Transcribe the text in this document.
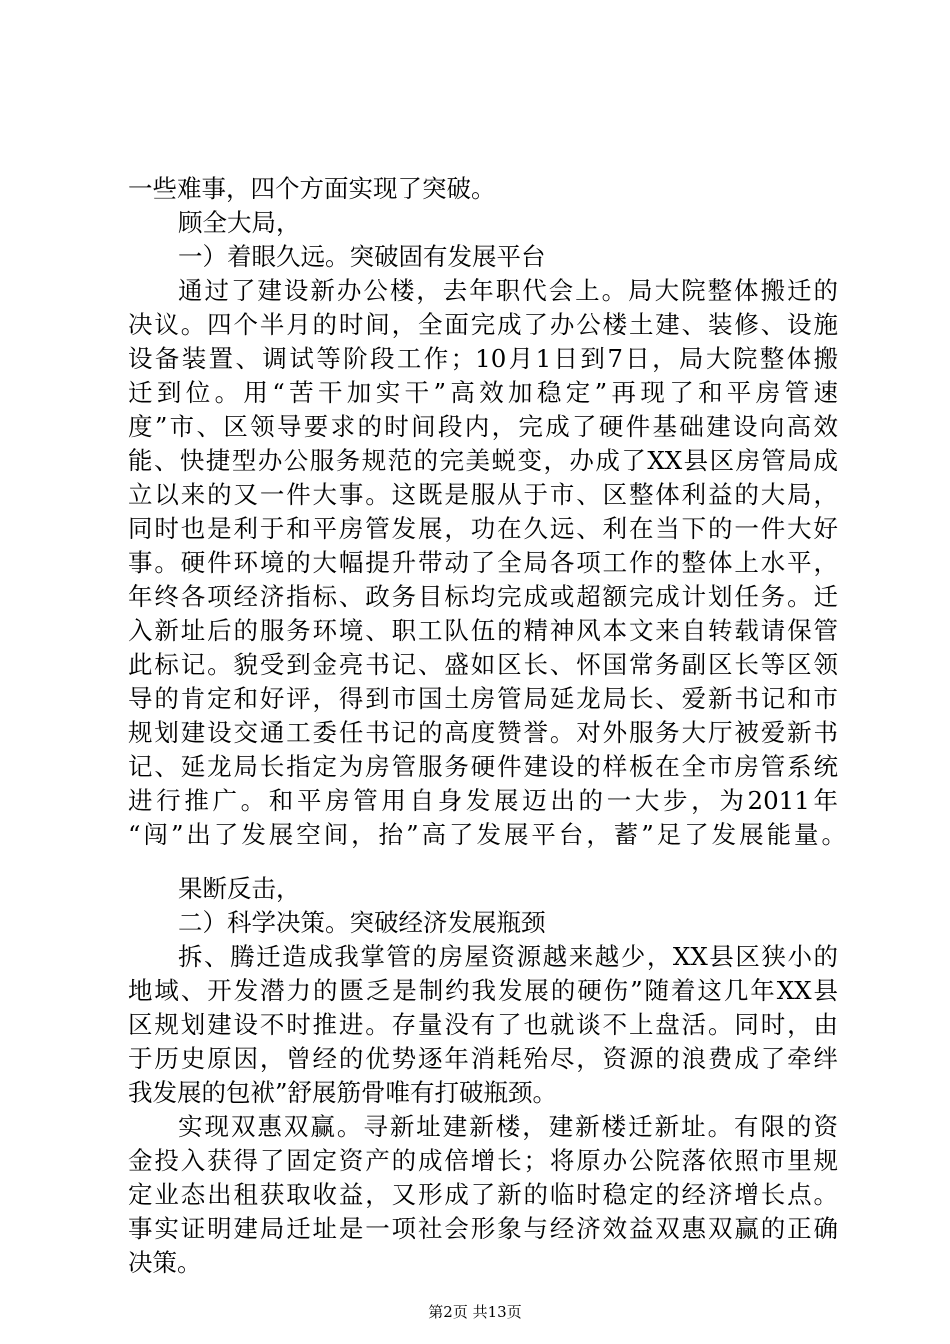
一些难事，四个方面实现了突破。
顾全大局，
一）着眼久远。突破固有发展平台
通过了建设新办公楼，去年职代会上。局大院整体搬迁的
决议。四个半月的时间，全面完成了办公楼土建、装修、设施
设备装置、调试等阶段工作；10月1日到7日，局大院整体搬
迁到位。用“苦干加实干”高效加稳定”再现了和平房管速
度”市、区领导要求的时间段内，完成了硬件基础建设向高效
能、快捷型办公服务规范的完美蜕变，办成了XX县区房管局成
立以来的又一件大事。这既是服从于市、区整体利益的大局，
同时也是利于和平房管发展，功在久远、利在当下的一件大好
事。硬件环境的大幅提升带动了全局各项工作的整体上水平，
年终各项经济指标、政务目标均完成或超额完成计划任务。迁
入新址后的服务环境、职工队伍的精神风本文来自转载请保管
此标记。貌受到金亮书记、盛如区长、怀国常务副区长等区领
导的肯定和好评，得到市国土房管局延龙局长、爱新书记和市
规划建设交通工委任书记的高度赞誉。对外服务大厅被爱新书
记、延龙局长指定为房管服务硬件建设的样板在全市房管系统
进行推广。和平房管用自身发展迈出的一大步，为2011年
“闯”出了发展空间，抬”高了发展平台，蓄”足了发展能量。
果断反击，
二）科学决策。突破经济发展瓶颈
拆、腾迁造成我掌管的房屋资源越来越少，XX县区狭小的
地域、开发潜力的匮乏是制约我发展的硬伤”随着这几年XX县
区规划建设不时推进。存量没有了也就谈不上盘活。同时，由
于历史原因，曾经的优势逐年消耗殆尽，资源的浪费成了牵绊
我发展的包袱”舒展筋骨唯有打破瓶颈。
实现双惠双赢。寻新址建新楼，建新楼迁新址。有限的资
金投入获得了固定资产的成倍增长；将原办公院落依照市里规
定业态出租获取收益，又形成了新的临时稳定的经济增长点。
事实证明建局迁址是一项社会形象与经济效益双惠双赢的正确
决策。
第2页 共13页
